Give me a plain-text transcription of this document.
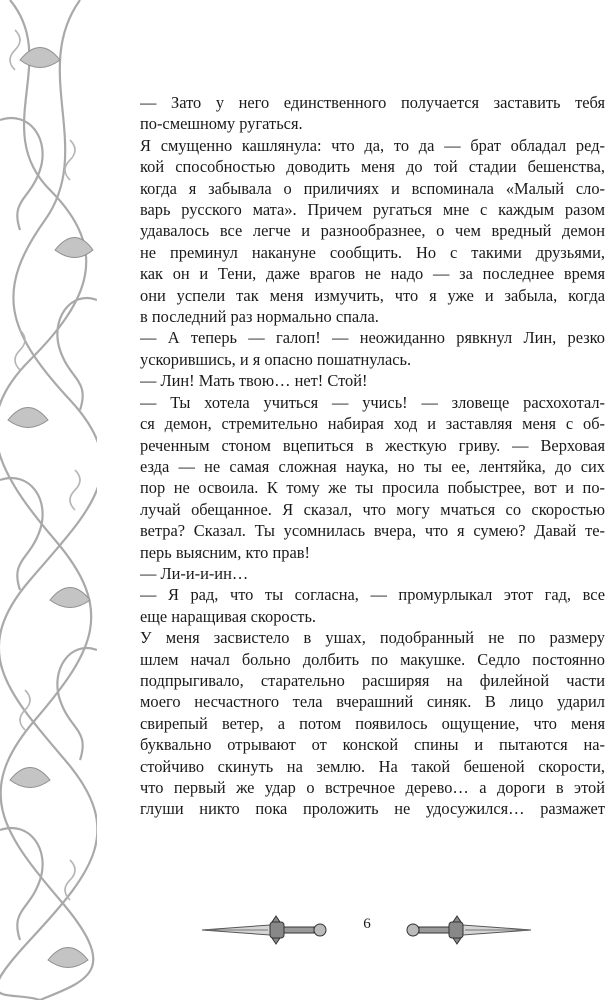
— Зато у него единственного получается заставить тебя
по-смешному ругаться.
Я смущенно кашлянула: что да, то да — брат обладал ред-
кой способностью доводить меня до той стадии бешенства,
когда я забывала о приличиях и вспоминала «Малый сло-
варь русского мата». Причем ругаться мне с каждым разом
удавалось все легче и разнообразнее, о чем вредный демон
не преминул накануне сообщить. Но с такими друзьями,
как он и Тени, даже врагов не надо — за последнее время
они успели так меня измучить, что я уже и забыла, когда
в последний раз нормально спала.
— А теперь — галоп! — неожиданно рявкнул Лин, резко
ускорившись, и я опасно пошатнулась.
— Лин! Мать твою… нет! Стой!
— Ты хотела учиться — учись! — зловеще расхохотал-
ся демон, стремительно набирая ход и заставляя меня с об-
реченным стоном вцепиться в жесткую гриву. — Верховая
езда — не самая сложная наука, но ты ее, лентяйка, до сих
пор не освоила. К тому же ты просила побыстрее, вот и по-
лучай обещанное. Я сказал, что могу мчаться со скоростью
ветра? Сказал. Ты усомнилась вчера, что я сумею? Давай те-
перь выясним, кто прав!
— Ли-и-и-ин…
— Я рад, что ты согласна, — промурлыкал этот гад, все
еще наращивая скорость.
У меня засвистело в ушах, подобранный не по размеру
шлем начал больно долбить по макушке. Седло постоянно
подпрыгивало, старательно расширяя на филейной части
моего несчастного тела вчерашний синяк. В лицо ударил
свирепый ветер, а потом появилось ощущение, что меня
буквально отрывают от конской спины и пытаются на-
стойчиво скинуть на землю. На такой бешеной скорости,
что первый же удар о встречное дерево… а дороги в этой
глуши никто пока проложить не удосужился… размажет
6
